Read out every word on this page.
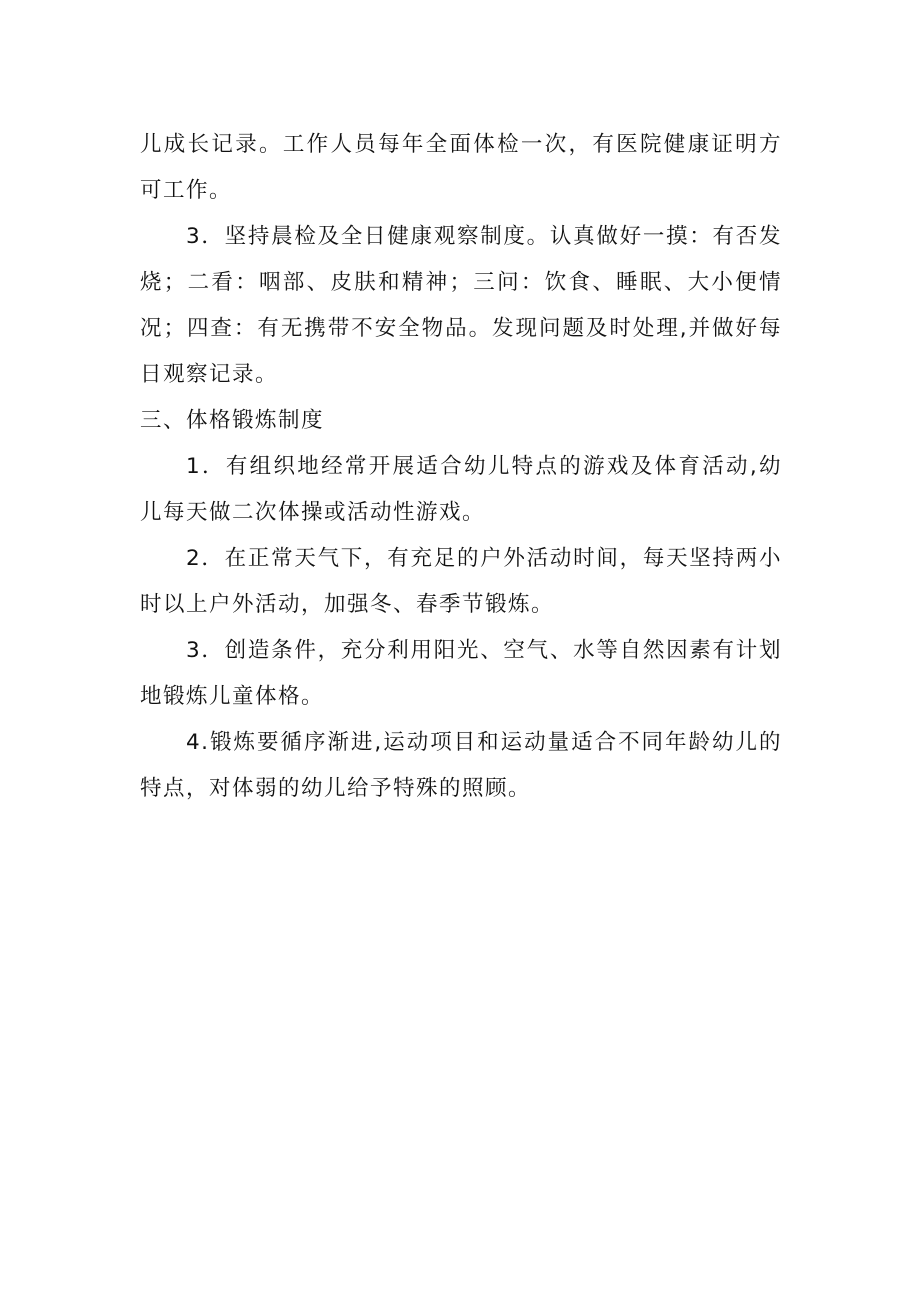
儿成长记录。工作人员每年全面体检一次，有医院健康证明方可工作。

3．坚持晨检及全日健康观察制度。认真做好一摸：有否发烧；二看：咽部、皮肤和精神；三问：饮食、睡眠、大小便情况；四查：有无携带不安全物品。发现问题及时处理,并做好每日观察记录。

三、体格锻炼制度

1．有组织地经常开展适合幼儿特点的游戏及体育活动,幼儿每天做二次体操或活动性游戏。

2．在正常天气下，有充足的户外活动时间，每天坚持两小时以上户外活动，加强冬、春季节锻炼。

3．创造条件，充分利用阳光、空气、水等自然因素有计划地锻炼儿童体格。

4.锻炼要循序渐进,运动项目和运动量适合不同年龄幼儿的特点，对体弱的幼儿给予特殊的照顾。
